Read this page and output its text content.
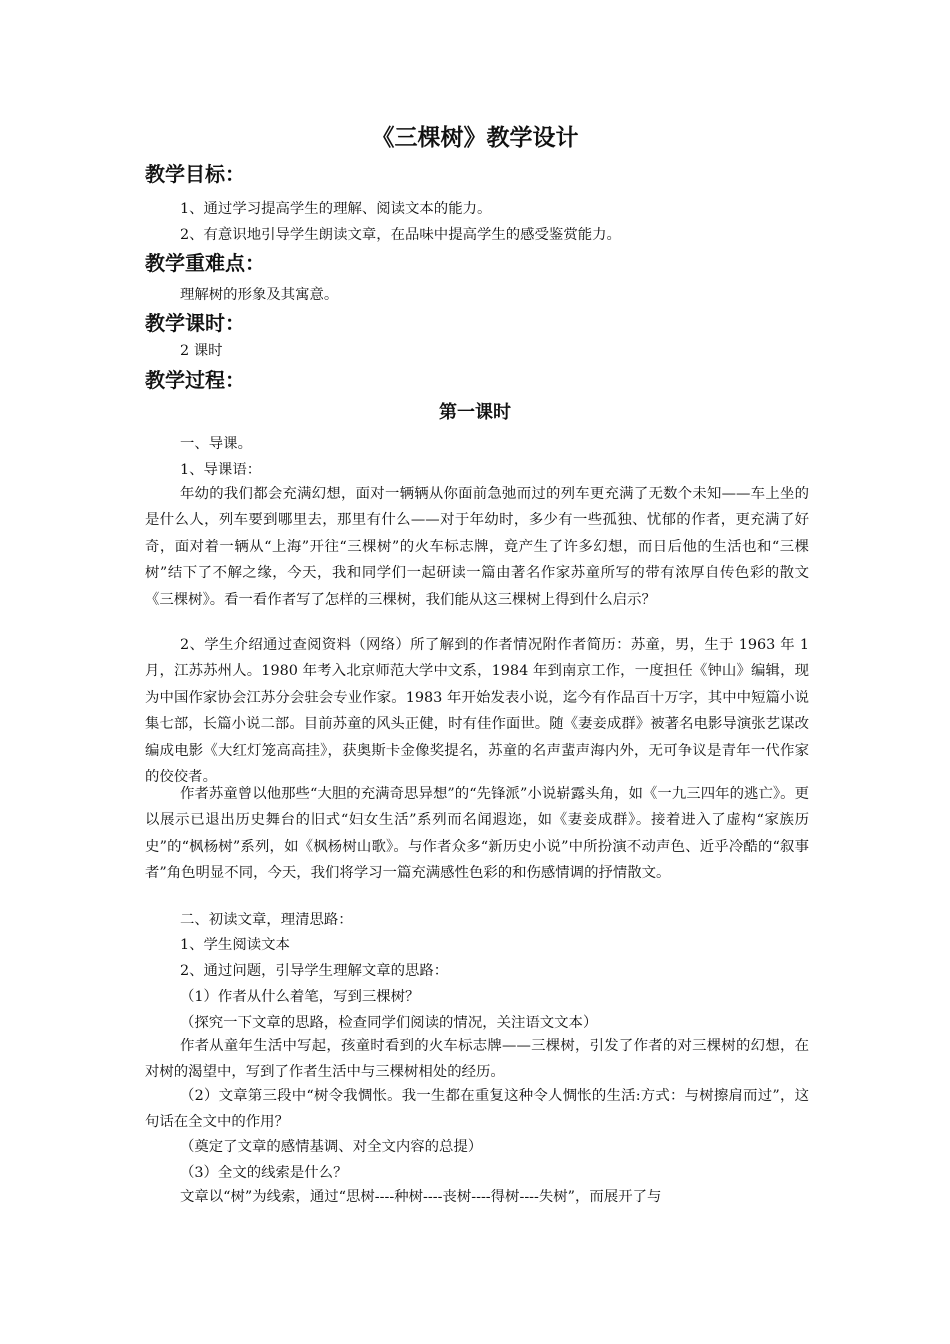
《三棵树》教学设计
教学目标：
1、通过学习提高学生的理解、阅读文本的能力。
2、有意识地引导学生朗读文章，在品味中提高学生的感受鉴赏能力。
教学重难点：
理解树的形象及其寓意。
教学课时：
2 课时
教学过程：
第一课时
一、导课。
1、导课语：
年幼的我们都会充满幻想，面对一辆辆从你面前急弛而过的列车更充满了无数个未知——车上坐的是什么人，列车要到哪里去，那里有什么——对于年幼时，多少有一些孤独、忧郁的作者，更充满了好奇，面对着一辆从“上海”开往“三棵树”的火车标志牌，竟产生了许多幻想，而日后他的生活也和“三棵树”结下了不解之缘，今天，我和同学们一起研读一篇由著名作家苏童所写的带有浓厚自传色彩的散文《三棵树》。看一看作者写了怎样的三棵树，我们能从这三棵树上得到什么启示？
2、学生介绍通过查阅资料（网络）所了解到的作者情况附作者简历：苏童，男，生于 1963 年 1 月，江苏苏州人。1980 年考入北京师范大学中文系，1984 年到南京工作，一度担任《钟山》编辑，现为中国作家协会江苏分会驻会专业作家。1983 年开始发表小说，迄今有作品百十万字，其中中短篇小说集七部，长篇小说二部。目前苏童的风头正健，时有佳作面世。随《妻妾成群》被著名电影导演张艺谋改编成电影《大红灯笼高高挂》，获奥斯卡金像奖提名，苏童的名声蜚声海内外，无可争议是青年一代作家的佼佼者。
作者苏童曾以他那些“大胆的充满奇思异想”的“先锋派”小说崭露头角，如《一九三四年的逃亡》。更以展示已退出历史舞台的旧式“妇女生活”系列而名闻遐迩，如《妻妾成群》。接着进入了虚构“家族历史”的“枫杨树”系列，如《枫杨树山歌》。与作者众多“新历史小说”中所扮演不动声色、近乎冷酷的“叙事者”角色明显不同，今天，我们将学习一篇充满感性色彩的和伤感情调的抒情散文。
二、初读文章，理清思路：
1、学生阅读文本
2、通过问题，引导学生理解文章的思路：
（1）作者从什么着笔，写到三棵树？
（探究一下文章的思路，检查同学们阅读的情况，关注语文文本）
作者从童年生活中写起，孩童时看到的火车标志牌——三棵树，引发了作者的对三棵树的幻想，在对树的渴望中，写到了作者生活中与三棵树相处的经历。
（2）文章第三段中“树令我惆怅。我一生都在重复这种令人惆怅的生活:方式：与树擦肩而过”，这句话在全文中的作用？
（奠定了文章的感情基调、对全文内容的总提）
（3）全文的线索是什么？
文章以“树”为线索，通过“思树----种树----丧树----得树----失树”，而展开了与
